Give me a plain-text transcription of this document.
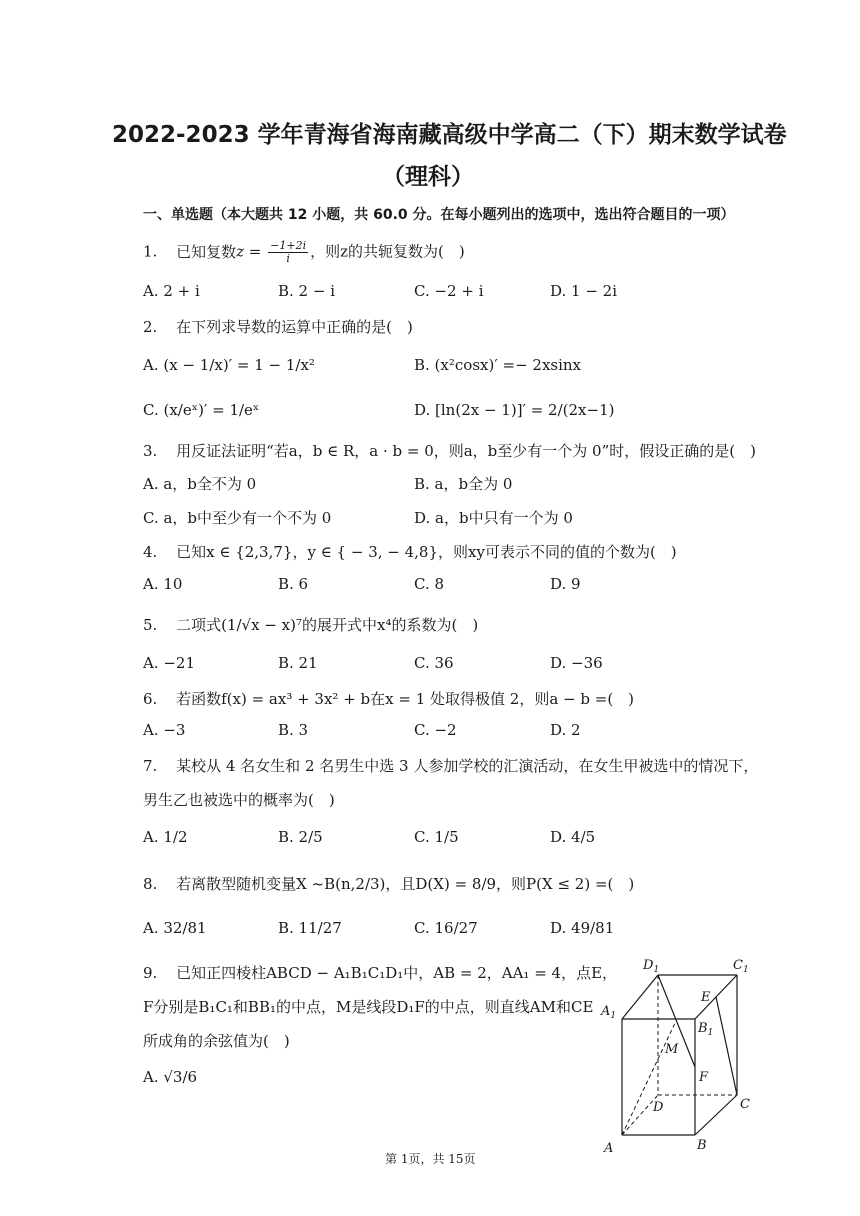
2022-2023 学年青海省海南藏高级中学高二（下）期末数学试卷
（理科）
一、单选题（本大题共 12 小题，共 60.0 分。在每小题列出的选项中，选出符合题目的一项）
1. 已知复数$z = \frac{-1+2i}{i}$ ，则z的共轭复数为(　)
A. 2 + i	B. 2 − i	C. −2 + i	D. 1 − 2i
2. 在下列求导数的运算中正确的是(　)
A. (x − 1/x)′ = 1 − 1/x²	B. (x²cosx)′ =− 2xsinx
C. (x/eˣ)′ = 1/eˣ	D. [ln(2x − 1)]′ = 2/(2x−1)
3. 用反证法证明“若a，b ∈ R，a · b = 0，则a，b至少有一个为 0”时，假设正确的是(　)
A. a，b全不为 0	B. a，b全为 0
C. a，b中至少有一个不为 0	D. a，b中只有一个为 0
4. 已知x ∈ {2,3,7}，y ∈ { − 3, − 4,8}，则xy可表示不同的值的个数为(　)
A. 10	B. 6	C. 8	D. 9
5. 二项式(1/√x − x)⁷的展开式中x⁴的系数为(　)
A. −21	B. 21	C. 36	D. −36
6. 若函数f(x) = ax³ + 3x² + b在x = 1 处取得极值 2，则a − b =(　)
A. −3	B. 3	C. −2	D. 2
7. 某校从 4 名女生和 2 名男生中选 3 人参加学校的汇演活动，在女生甲被选中的情况下，
男生乙也被选中的概率为(　)
A. 1/2	B. 2/5	C. 1/5	D. 4/5
8. 若离散型随机变量X ~B(n,2/3)，且D(X) = 8/9，则P(X ≤ 2) =(　)
A. 32/81	B. 11/27	C. 16/27	D. 49/81
9. 已知正四棱柱ABCD − A₁B₁C₁D₁中，AB = 2，AA₁ = 4，点E，
F分别是B₁C₁和BB₁的中点，M是线段D₁F的中点，则直线AM和CE
所成角的余弦值为(　)
A. √3/6
$D_1$	$C_1$
$A_1$
$B_1$
E
M
F
D	C
A	B
第 1页，共 15页
